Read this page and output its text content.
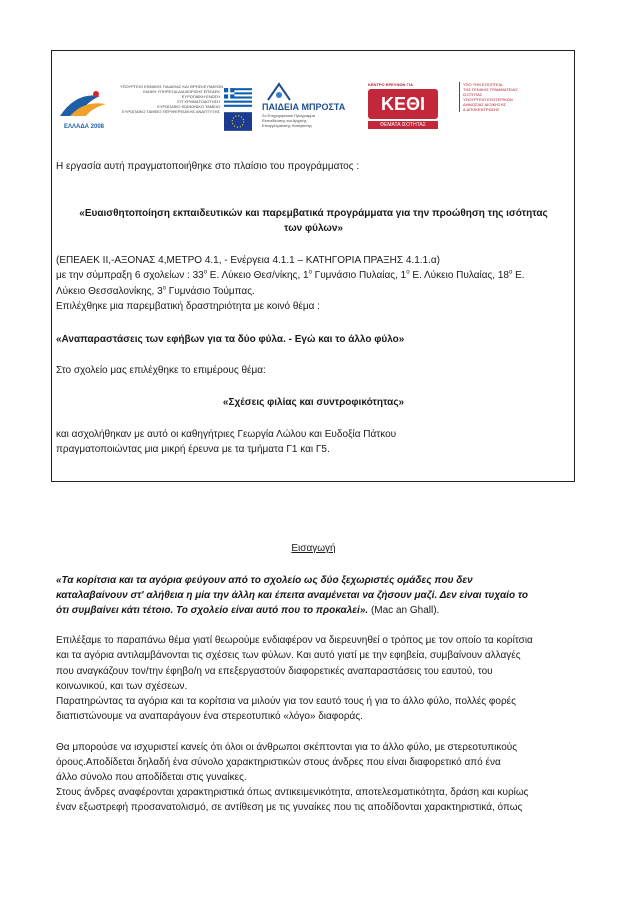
ΕΛΛΑΔΑ 2008
ΥΠΟΥΡΓΕΙΟ ΕΘΝΙΚΗΣ ΠΑΙΔΕΙΑΣ ΚΑΙ ΘΡΗΣΚΕΥΜΑΤΩΝ
ΕΙΔΙΚΗ ΥΠΗΡΕΣΙΑ ΔΙΑΧΕΙΡΙΣΗΣ ΕΠΕΑΕΚ
ΕΥΡΩΠΑΪΚΗ ΕΝΩΣΗ
ΣΥΓΧΡΗΜΑΤΟΔΟΤΗΣΗ
ΕΥΡΩΠΑΪΚΟ ΚΟΙΝΩΝΙΚΟ ΤΑΜΕΙΟ
ΕΥΡΩΠΑΪΚΟ ΤΑΜΕΙΟ ΠΕΡΙΦΕΡΕΙΑΚΗΣ ΑΝΑΠΤΥΞΗΣ	ΠΑΙΔΕΙΑ ΜΠΡΟΣΤΑ
2ο Επιχειρησιακό Πρόγραμμα
Εκπαίδευσης και Αρχικής
Επαγγελματικής Κατάρτισης
ΚΕΝΤΡΟ ΕΡΕΥΝΩΝ ΓΙΑ
ΚΕΘΙ
ΘΕΜΑΤΑ ΙΣΟΤΗΤΑΣ
ΥΠΟ ΤΗΝ ΕΠΟΠΤΕΙΑ
ΤΗΣ ΓΕΝΙΚΗΣ ΓΡΑΜΜΑΤΕΙΑΣ
ΙΣΟΤΗΤΑΣ
ΥΠΟΥΡΓΕΙΟ ΕΣΩΤΕΡΙΚΩΝ
ΔΗΜΟΣΙΑΣ ΔΙΟΙΚΗΣΗΣ
& ΑΠΟΚΕΝΤΡΩΣΗΣ
Η εργασία αυτή πραγματοποιήθηκε στο πλαίσιο του προγράμματος :
«Ευαισθητοποίηση εκπαιδευτικών και παρεμβατικά προγράμματα για την προώθηση της ισότητας
των φύλων»
(ΕΠΕΑΕΚ ΙΙ,-ΑΞΟΝΑΣ 4,ΜΕΤΡΟ 4.1, - Ενέργεια 4.1.1 – ΚΑΤΗΓΟΡΙΑ ΠΡΑΞΗΣ 4.1.1.α)
με την σύμπραξη 6 σχολείων : $33^o$ Ε. Λύκειο Θεσ/νίκης, $1^o$ Γυμνάσιο Πυλαίας, $1^o$ Ε. Λύκειο Πυλαίας, $18^o$ Ε.
Λύκειο Θεσσαλονίκης, $3^o$ Γυμνάσιο Τούμπας.
Επιλέχθηκε μια παρεμβατική δραστηριότητα με κοινό θέμα :
«Αναπαραστάσεις των εφήβων για τα δύο φύλα. - Εγώ και το άλλο φύλο»
Στο σχολείο μας επιλέχθηκε το επιμέρους θέμα:
«Σχέσεις φιλίας και συντροφικότητας»
και ασχολήθηκαν με αυτό οι καθηγήτριες Γεωργία Λώλου και Ευδοξία Πάτκου
πραγματοποιώντας μια μικρή έρευνα με τα τμήματα Γ1 και Γ5.
Εισαγωγή
«Τα κορίτσια και τα αγόρια φεύγουν από το σχολείο ως δύο ξεχωριστές ομάδες που δεν
καταλαβαίνουν στ' αλήθεια η μία την άλλη και έπειτα αναμένεται να ζήσουν μαζί. Δεν είναι τυχαίο το
ότι συμβαίνει κάτι τέτοιο. Το σχολείο είναι αυτό που το προκαλεί». (Mac an Ghall).
Επιλέξαμε το παραπάνω θέμα γιατί θεωρούμε ενδιαφέρον να διερευνηθεί ο τρόπος με τον οποίο τα κορίτσια
και τα αγόρια αντιλαμβάνονται τις σχέσεις των φύλων. Και αυτό γιατί με την εφηβεία, συμβαίνουν αλλαγές
που αναγκάζουν τον/την έφηβο/η να επεξεργαστούν διαφορετικές αναπαραστάσεις του εαυτού, του
κοινωνικού, και των σχέσεων.
Παρατηρώντας τα αγόρια και τα κορίτσια να μιλούν για τον εαυτό τους ή για το άλλο φύλο, πολλές φορές
διαπιστώνουμε να αναπαράγουν ένα στερεοτυπικό «λόγο» διαφοράς.
Θα μπορούσε να ισχυριστεί κανείς ότι όλοι οι άνθρωποι σκέπτονται για το άλλο φύλο, με στερεοτυπικούς
όρους.Αποδίδεται δηλαδή ένα σύνολο χαρακτηριστικών στους άνδρες που είναι διαφορετικό από ένα
άλλο σύνολο που αποδίδεται στις γυναίκες.
Στους άνδρες αναφέρονται χαρακτηριστικά όπως αντικειμενικότητα, αποτελεσματικότητα, δράση και κυρίως
έναν εξωστρεφή προσανατολισμό, σε αντίθεση με τις γυναίκες που τις αποδίδονται χαρακτηριστικά, όπως
